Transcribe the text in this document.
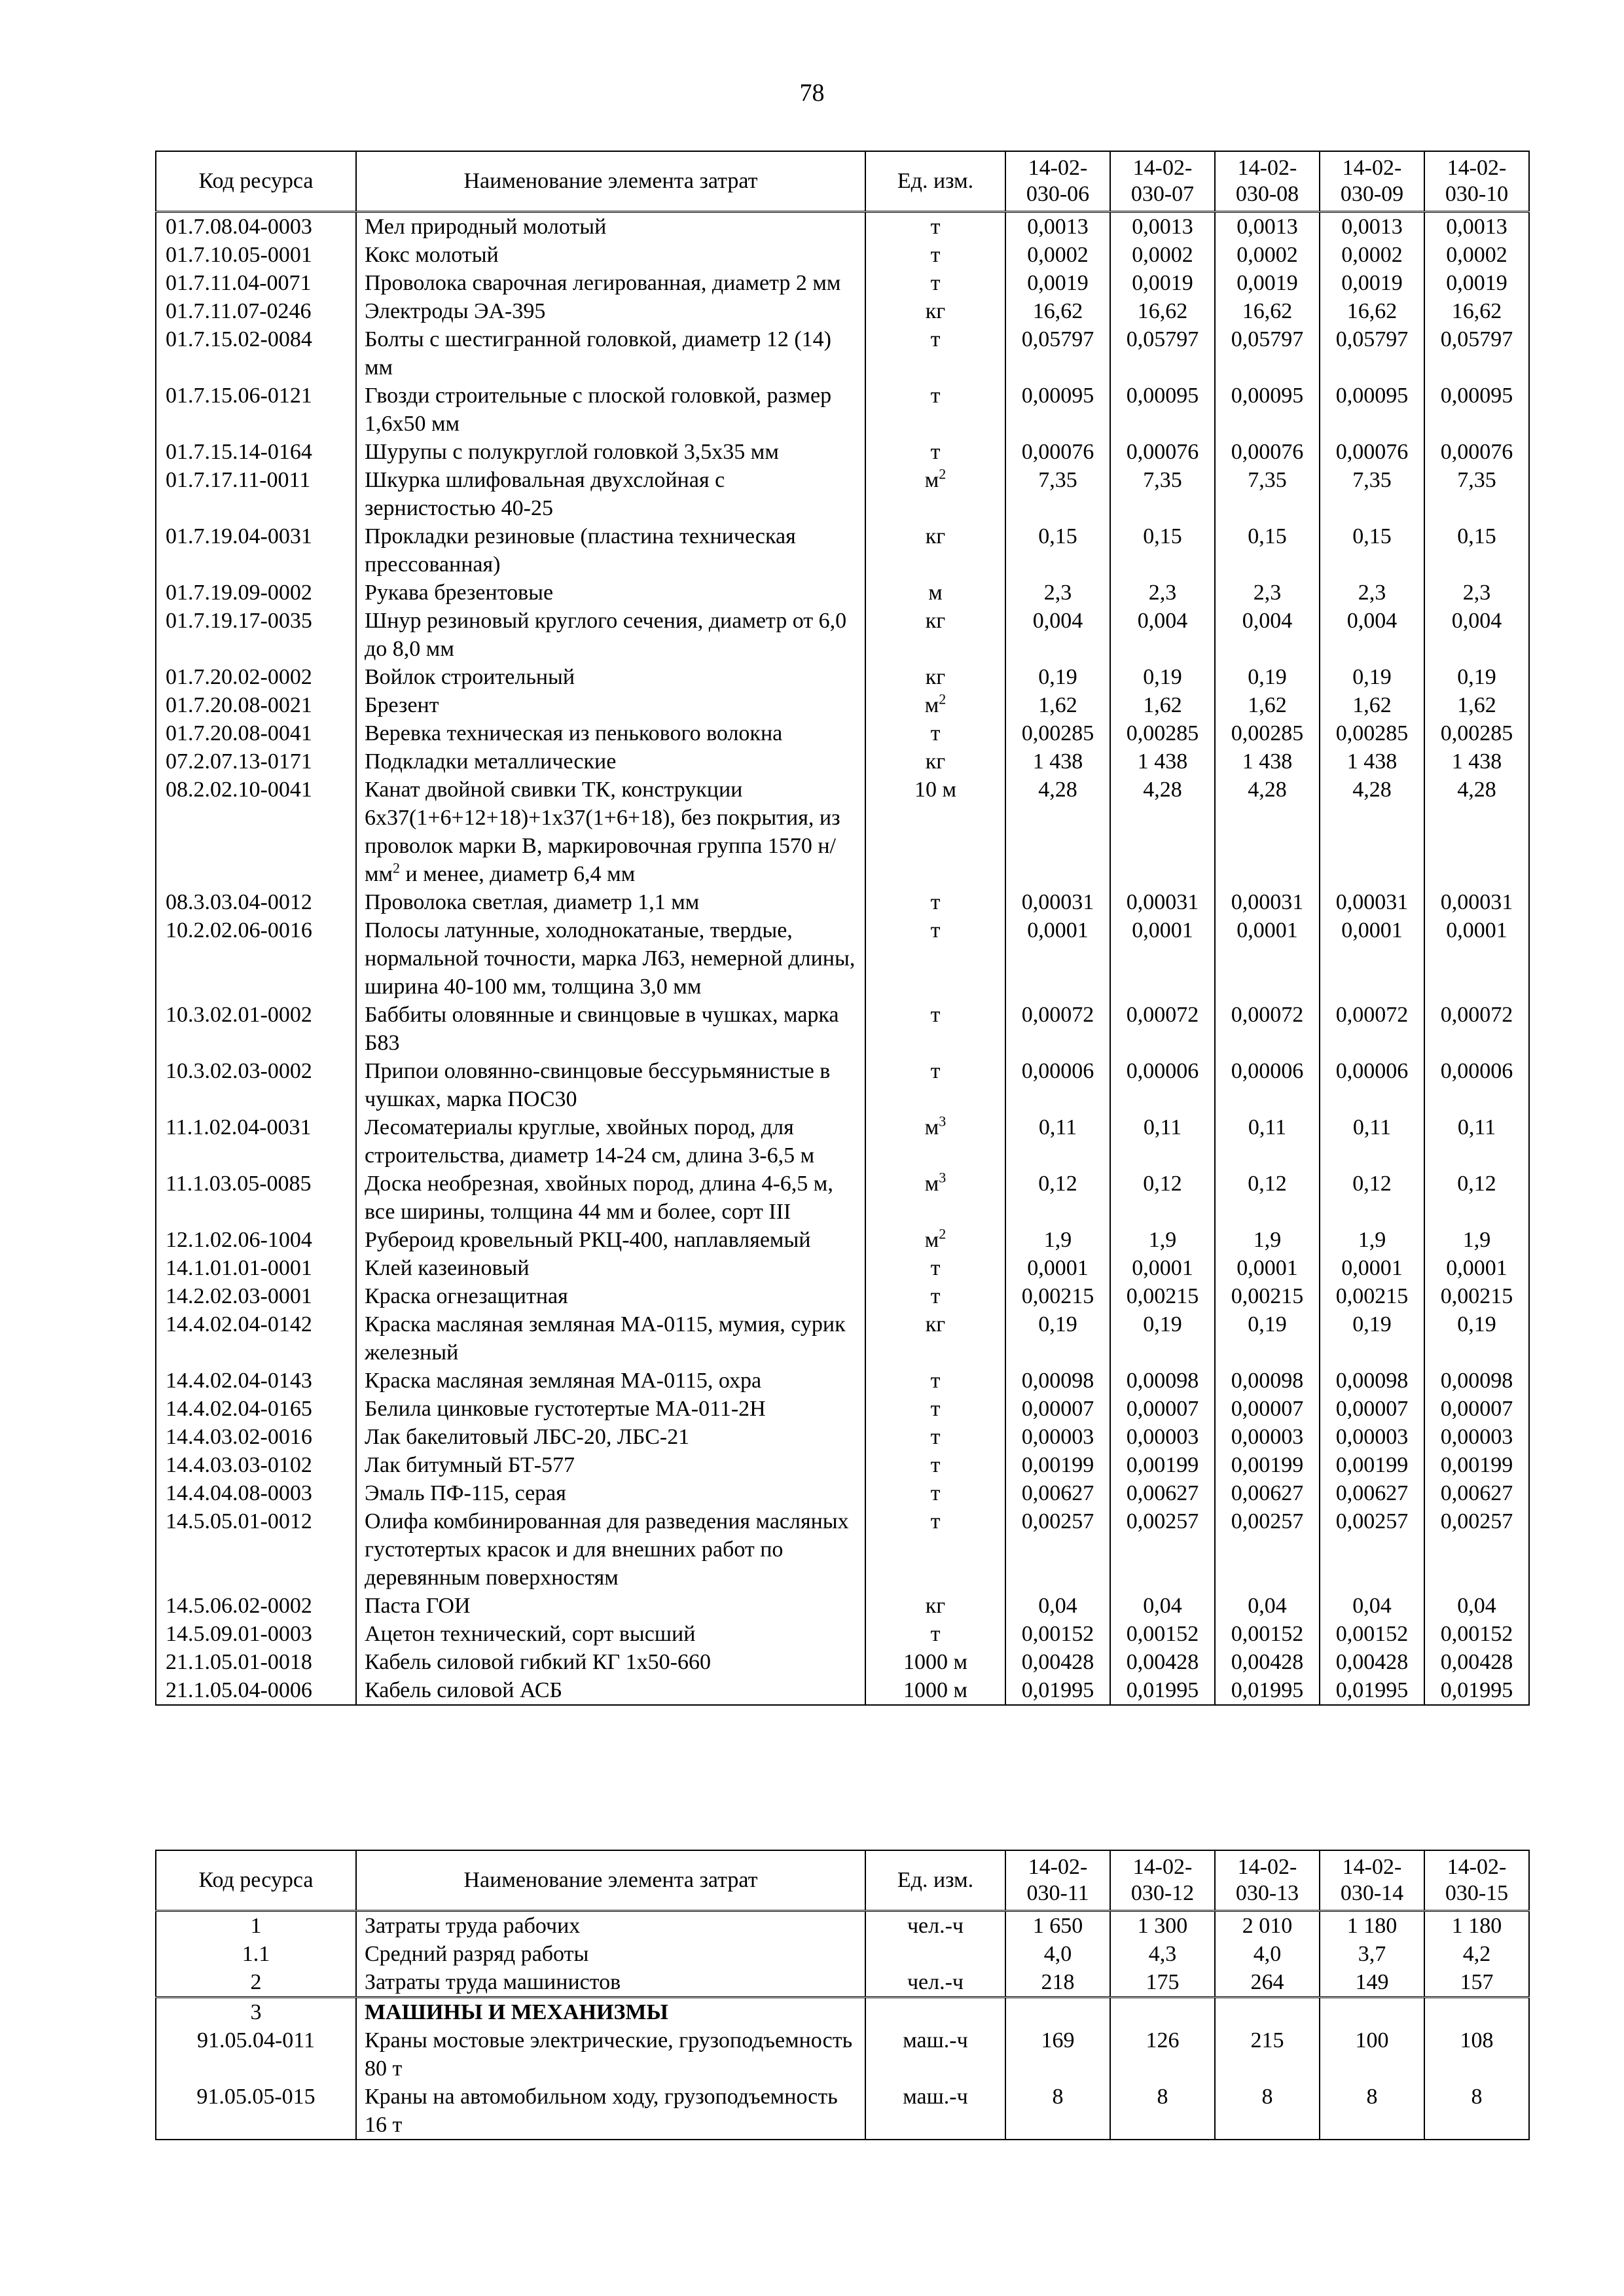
78
Код ресурса	Наименование элемента затрат	Ед. изм.	14-02-030-06	14-02-030-07	14-02-030-08	14-02-030-09	14-02-030-10
01.7.08.04-0003	Мел природный молотый	т	0,0013	0,0013	0,0013	0,0013	0,0013
01.7.10.05-0001	Кокс молотый	т	0,0002	0,0002	0,0002	0,0002	0,0002
01.7.11.04-0071	Проволока сварочная легированная, диаметр 2 мм	т	0,0019	0,0019	0,0019	0,0019	0,0019
01.7.11.07-0246	Электроды ЭА-395	кг	16,62	16,62	16,62	16,62	16,62
01.7.15.02-0084	Болты с шестигранной головкой, диаметр 12 (14) мм	т	0,05797	0,05797	0,05797	0,05797	0,05797
01.7.15.06-0121	Гвозди строительные с плоской головкой, размер 1,6х50 мм	т	0,00095	0,00095	0,00095	0,00095	0,00095
01.7.15.14-0164	Шурупы с полукруглой головкой 3,5х35 мм	т	0,00076	0,00076	0,00076	0,00076	0,00076
01.7.17.11-0011	Шкурка шлифовальная двухслойная с зернистостью 40-25	$м^2$	7,35	7,35	7,35	7,35	7,35
01.7.19.04-0031	Прокладки резиновые (пластина техническая прессованная)	кг	0,15	0,15	0,15	0,15	0,15
01.7.19.09-0002	Рукава брезентовые	м	2,3	2,3	2,3	2,3	2,3
01.7.19.17-0035	Шнур резиновый круглого сечения, диаметр от 6,0 до 8,0 мм	кг	0,004	0,004	0,004	0,004	0,004
01.7.20.02-0002	Войлок строительный	кг	0,19	0,19	0,19	0,19	0,19
01.7.20.08-0021	Брезент	$м^2$	1,62	1,62	1,62	1,62	1,62
01.7.20.08-0041	Веревка техническая из пенькового волокна	т	0,00285	0,00285	0,00285	0,00285	0,00285
07.2.07.13-0171	Подкладки металлические	кг	1 438	1 438	1 438	1 438	1 438
08.2.02.10-0041	Канат двойной свивки ТК, конструкции 6х37(1+6+12+18)+1х37(1+6+18), без покрытия, из проволок марки В, маркировочная группа 1570 $н/мм^2$ и менее, диаметр 6,4 мм	10 м	4,28	4,28	4,28	4,28	4,28
08.3.03.04-0012	Проволока светлая, диаметр 1,1 мм	т	0,00031	0,00031	0,00031	0,00031	0,00031
10.2.02.06-0016	Полосы латунные, холоднокатаные, твердые, нормальной точности, марка Л63, немерной длины, ширина 40-100 мм, толщина 3,0 мм	т	0,0001	0,0001	0,0001	0,0001	0,0001
10.3.02.01-0002	Баббиты оловянные и свинцовые в чушках, марка Б83	т	0,00072	0,00072	0,00072	0,00072	0,00072
10.3.02.03-0002	Припои оловянно-свинцовые бессурьмянистые в чушках, марка ПОС30	т	0,00006	0,00006	0,00006	0,00006	0,00006
11.1.02.04-0031	Лесоматериалы круглые, хвойных пород, для строительства, диаметр 14-24 см, длина 3-6,5 м	$м^3$	0,11	0,11	0,11	0,11	0,11
11.1.03.05-0085	Доска необрезная, хвойных пород, длина 4-6,5 м, все ширины, толщина 44 мм и более, сорт III	$м^3$	0,12	0,12	0,12	0,12	0,12
12.1.02.06-1004	Рубероид кровельный РКЦ-400, наплавляемый	$м^2$	1,9	1,9	1,9	1,9	1,9
14.1.01.01-0001	Клей казеиновый	т	0,0001	0,0001	0,0001	0,0001	0,0001
14.2.02.03-0001	Краска огнезащитная	т	0,00215	0,00215	0,00215	0,00215	0,00215
14.4.02.04-0142	Краска масляная земляная МА-0115, мумия, сурик железный	кг	0,19	0,19	0,19	0,19	0,19
14.4.02.04-0143	Краска масляная земляная МА-0115, охра	т	0,00098	0,00098	0,00098	0,00098	0,00098
14.4.02.04-0165	Белила цинковые густотертые МА-011-2Н	т	0,00007	0,00007	0,00007	0,00007	0,00007
14.4.03.02-0016	Лак бакелитовый ЛБС-20, ЛБС-21	т	0,00003	0,00003	0,00003	0,00003	0,00003
14.4.03.03-0102	Лак битумный БТ-577	т	0,00199	0,00199	0,00199	0,00199	0,00199
14.4.04.08-0003	Эмаль ПФ-115, серая	т	0,00627	0,00627	0,00627	0,00627	0,00627
14.5.05.01-0012	Олифа комбинированная для разведения масляных густотертых красок и для внешних работ по деревянным поверхностям	т	0,00257	0,00257	0,00257	0,00257	0,00257
14.5.06.02-0002	Паста ГОИ	кг	0,04	0,04	0,04	0,04	0,04
14.5.09.01-0003	Ацетон технический, сорт высший	т	0,00152	0,00152	0,00152	0,00152	0,00152
21.1.05.01-0018	Кабель силовой гибкий КГ 1х50-660	1000 м	0,00428	0,00428	0,00428	0,00428	0,00428
21.1.05.04-0006	Кабель силовой АСБ	1000 м	0,01995	0,01995	0,01995	0,01995	0,01995
Код ресурса	Наименование элемента затрат	Ед. изм.	14-02-030-11	14-02-030-12	14-02-030-13	14-02-030-14	14-02-030-15
1	Затраты труда рабочих	чел.-ч	1 650	1 300	2 010	1 180	1 180
1.1	Средний разряд работы		4,0	4,3	4,0	3,7	4,2
2	Затраты труда машинистов	чел.-ч	218	175	264	149	157
3	МАШИНЫ И МЕХАНИЗМЫ						
91.05.04-011	Краны мостовые электрические, грузоподъемность 80 т	маш.-ч	169	126	215	100	108
91.05.05-015	Краны на автомобильном ходу, грузоподъемность 16 т	маш.-ч	8	8	8	8	8
